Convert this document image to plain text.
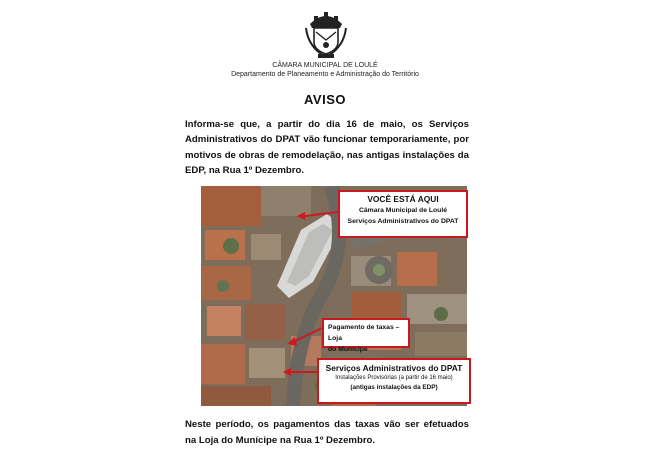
CÂMARA MUNICIPAL DE LOULÉ
Departamento de Planeamento e Administração do Território
AVISO
Informa-se que, a partir do dia 16 de maio, os Serviços Administrativos do DPAT vão funcionar temporariamente, por motivos de obras de remodelação, nas antigas instalações da EDP, na Rua 1º Dezembro.
VOCÊ ESTÁ AQUI
Câmara Municipal de Loulé
Serviços Administrativos do DPAT
Pagamento de taxas – Loja
do Munícipe
Serviços Administrativos do DPAT
Instalações Provisórias (a partir de 16 maio)
(antigas instalações da EDP)
Neste período, os pagamentos das taxas vão ser efetuados na Loja do Munícipe na Rua 1º Dezembro.
